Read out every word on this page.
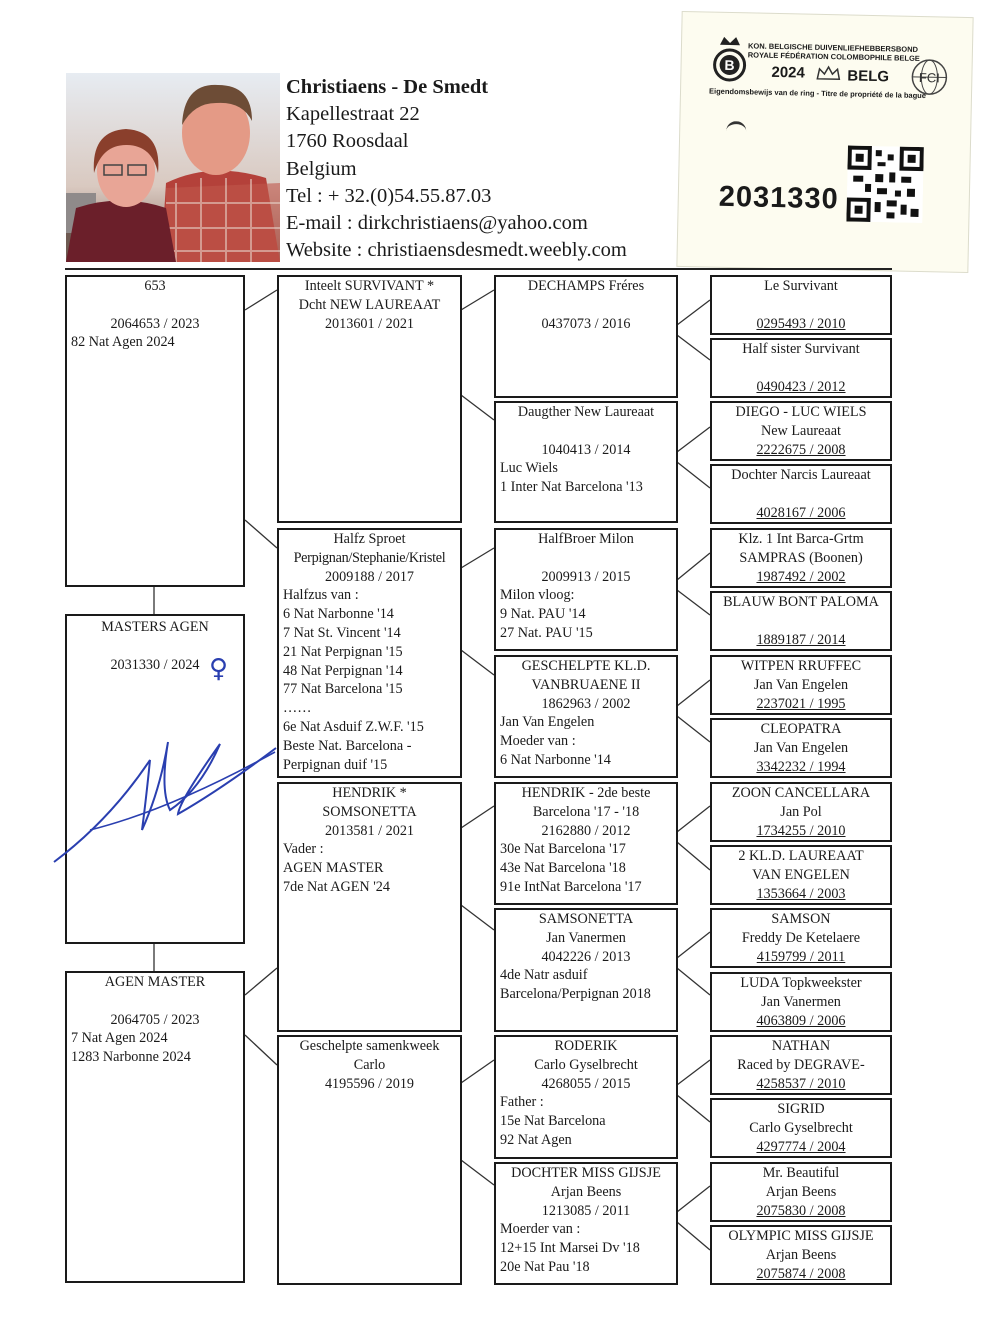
Christiaens - De Smedt
Kapellestraat 22
1760 Roosdaal
Belgium
Tel : + 32.(0)54.55.87.03
E-mail : dirkchristiaens@yahoo.com
Website : christiaensdesmedt.weebly.com
B
KON. BELGISCHE DUIVENLIEFHEBBERSBOND
ROYALE FÉDÉRATION COLOMBOPHILE BELGE
2024	BELG FCI
Eigendomsbewijs van de ring - Titre de propriété de la bague
2031330
653

2064653 / 2023
82 Nat Agen 2024
MASTERS AGEN

2031330 / 2024 ♀
AGEN MASTER

2064705 / 2023
7 Nat Agen 2024
1283 Narbonne 2024
Inteelt SURVIVANT *
Dcht NEW LAUREAAT
2013601 / 2021
Halfz Sproet
Perpignan/Stephanie/Kristel
2009188 / 2017
Halfzus van :
6 Nat Narbonne '14
7 Nat St. Vincent '14
21 Nat Perpignan '15
48 Nat Perpignan '14
77 Nat Barcelona '15
……
6e Nat Asduif Z.W.F. '15
Beste Nat. Barcelona -
Perpignan duif '15
HENDRIK *
SOMSONETTA
2013581 / 2021
Vader :
AGEN MASTER
7de Nat AGEN '24
Geschelpte samenkweek
Carlo
4195596 / 2019
DECHAMPS Fréres

0437073 / 2016
Daugther New Laureaat

1040413 / 2014
Luc Wiels
1 Inter Nat Barcelona '13
HalfBroer Milon

2009913 / 2015
Milon vloog:
9 Nat. PAU '14
27 Nat. PAU '15
GESCHELPTE KL.D.
VANBRUAENE II
1862963 / 2002
Jan Van Engelen
Moeder van :
6 Nat Narbonne '14
HENDRIK - 2de beste
Barcelona '17 - '18
2162880 / 2012
30e Nat Barcelona '17
43e Nat Barcelona '18
91e IntNat Barcelona '17
SAMSONETTA
Jan Vanermen
4042226 / 2013
4de Natr asduif
Barcelona/Perpignan 2018
RODERIK
Carlo Gyselbrecht
4268055 / 2015
Father :
15e Nat Barcelona
92 Nat Agen
DOCHTER MISS GIJSJE
Arjan Beens
1213085 / 2011
Moerder van :
12+15 Int Marsei Dv '18
20e Nat Pau '18
Le Survivant

0295493 / 2010
Half sister Survivant

0490423 / 2012
DIEGO - LUC WIELS
New Laureaat
2222675 / 2008
Dochter Narcis Laureaat

4028167 / 2006
Klz. 1 Int Barca-Grtm
SAMPRAS (Boonen)
1987492 / 2002
BLAUW BONT PALOMA

1889187 / 2014
WITPEN RRUFFEC
Jan Van Engelen
2237021 / 1995
CLEOPATRA
Jan Van Engelen
3342232 / 1994
ZOON CANCELLARA
Jan Pol
1734255 / 2010
2 KL.D. LAUREAAT
VAN ENGELEN
1353664 / 2003
SAMSON
Freddy De Ketelaere
4159799 / 2011
LUDA Topkweekster
Jan Vanermen
4063809 / 2006
NATHAN
Raced by DEGRAVE-
4258537 / 2010
SIGRID
Carlo Gyselbrecht
4297774 / 2004
Mr. Beautiful
Arjan Beens
2075830 / 2008
OLYMPIC MISS GIJSJE
Arjan Beens
2075874 / 2008
